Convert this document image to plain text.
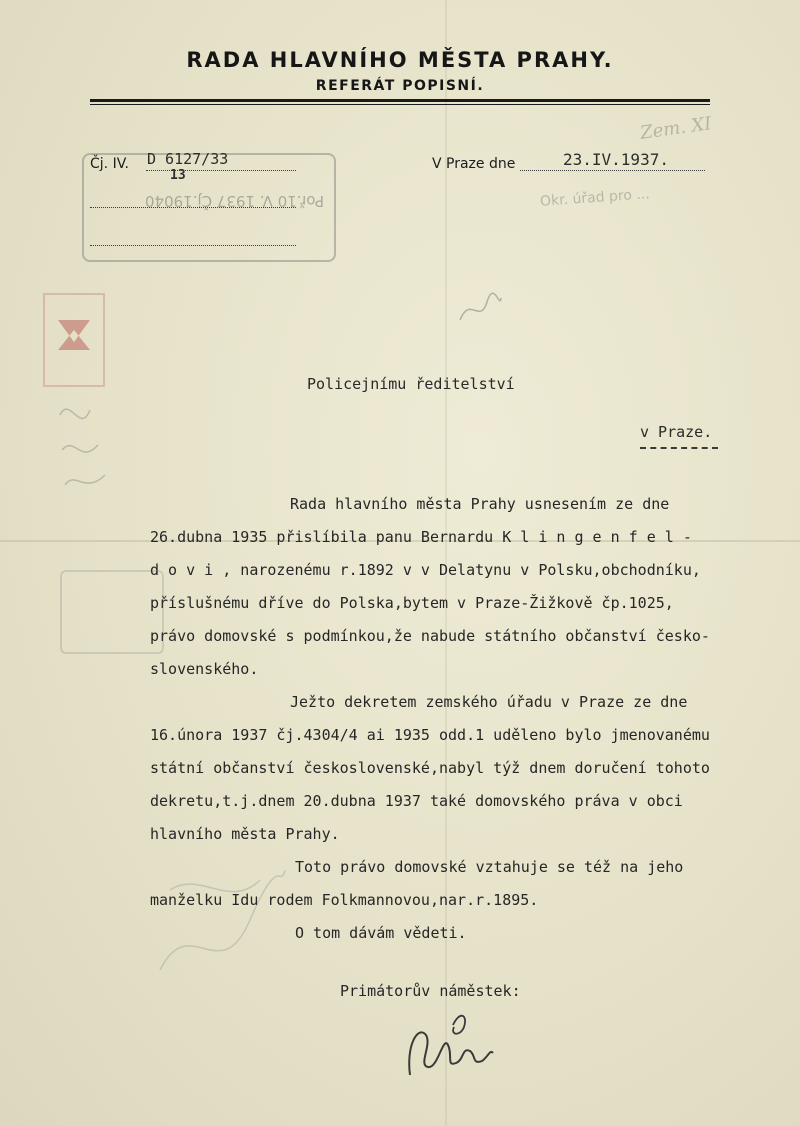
RADA HLAVNÍHO MĚSTA PRAHY.
REFERÁT POPISNÍ.
Poř.10 V. 1937 Čj.19040
Čj. IV. D 6127/33
13
V Praze dne	23.IV.1937.
Zem. XI
Okr. úřad pro ...
Policejnímu ředitelství
v Praze.
Rada hlavního města Prahy usnesením ze dne
26.dubna 1935 přislíbila panu Bernardu K l i n g e n f e l -
d o v i , narozenému r.1892 v v Delatynu v Polsku,obchodníku,
příslušnému dříve do Polska,bytem v Praze-Žižkově čp.1025,
právo domovské s podmínkou,že nabude státního občanství česko-
slovenského.
Ježto dekretem zemského úřadu v Praze ze dne
16.února 1937 čj.4304/4 ai 1935 odd.1 uděleno bylo jmenovanému
státní občanství československé,nabyl týž dnem doručení tohoto
dekretu,t.j.dnem 20.dubna 1937 také domovského práva v obci
hlavního města Prahy.
Toto právo domovské vztahuje se též na jeho
manželku Idu rodem Folkmannovou,nar.r.1895.
O tom dávám vědeti.
Primátorův náměstek:
